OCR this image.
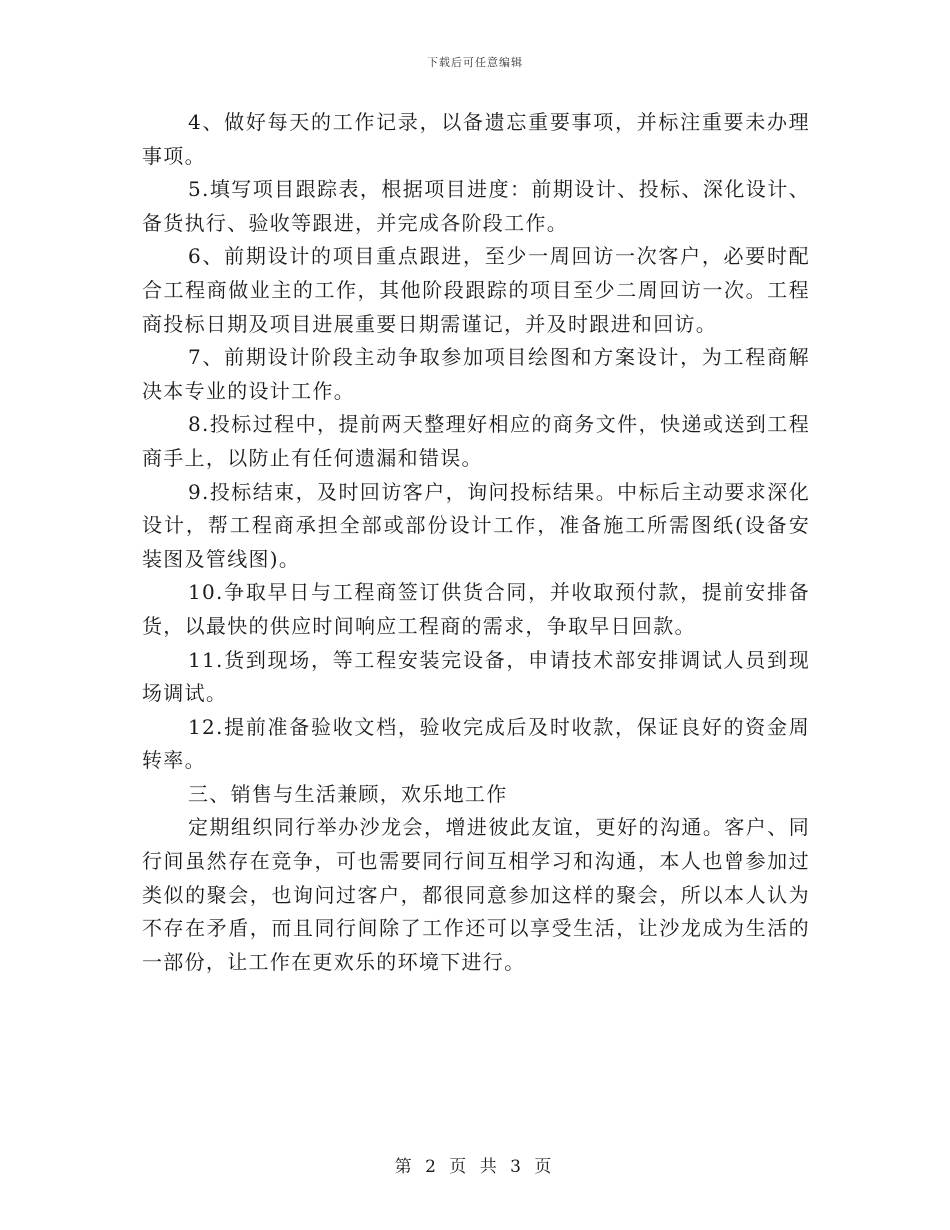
下载后可任意编辑

4、做好每天的工作记录，以备遗忘重要事项，并标注重要未办理事项。

5.填写项目跟踪表，根据项目进度：前期设计、投标、深化设计、备货执行、验收等跟进，并完成各阶段工作。

6、前期设计的项目重点跟进，至少一周回访一次客户，必要时配合工程商做业主的工作，其他阶段跟踪的项目至少二周回访一次。工程商投标日期及项目进展重要日期需谨记，并及时跟进和回访。

7、前期设计阶段主动争取参加项目绘图和方案设计，为工程商解决本专业的设计工作。

8.投标过程中，提前两天整理好相应的商务文件，快递或送到工程商手上，以防止有任何遗漏和错误。

9.投标结束，及时回访客户，询问投标结果。中标后主动要求深化设计，帮工程商承担全部或部份设计工作，准备施工所需图纸(设备安装图及管线图)。

10.争取早日与工程商签订供货合同，并收取预付款，提前安排备货，以最快的供应时间响应工程商的需求，争取早日回款。

11.货到现场，等工程安装完设备，申请技术部安排调试人员到现场调试。

12.提前准备验收文档，验收完成后及时收款，保证良好的资金周转率。

三、销售与生活兼顾，欢乐地工作

定期组织同行举办沙龙会，增进彼此友谊，更好的沟通。客户、同行间虽然存在竞争，可也需要同行间互相学习和沟通，本人也曾参加过类似的聚会，也询问过客户，都很同意参加这样的聚会，所以本人认为不存在矛盾，而且同行间除了工作还可以享受生活，让沙龙成为生活的一部份，让工作在更欢乐的环境下进行。

第 2 页 共 3 页
